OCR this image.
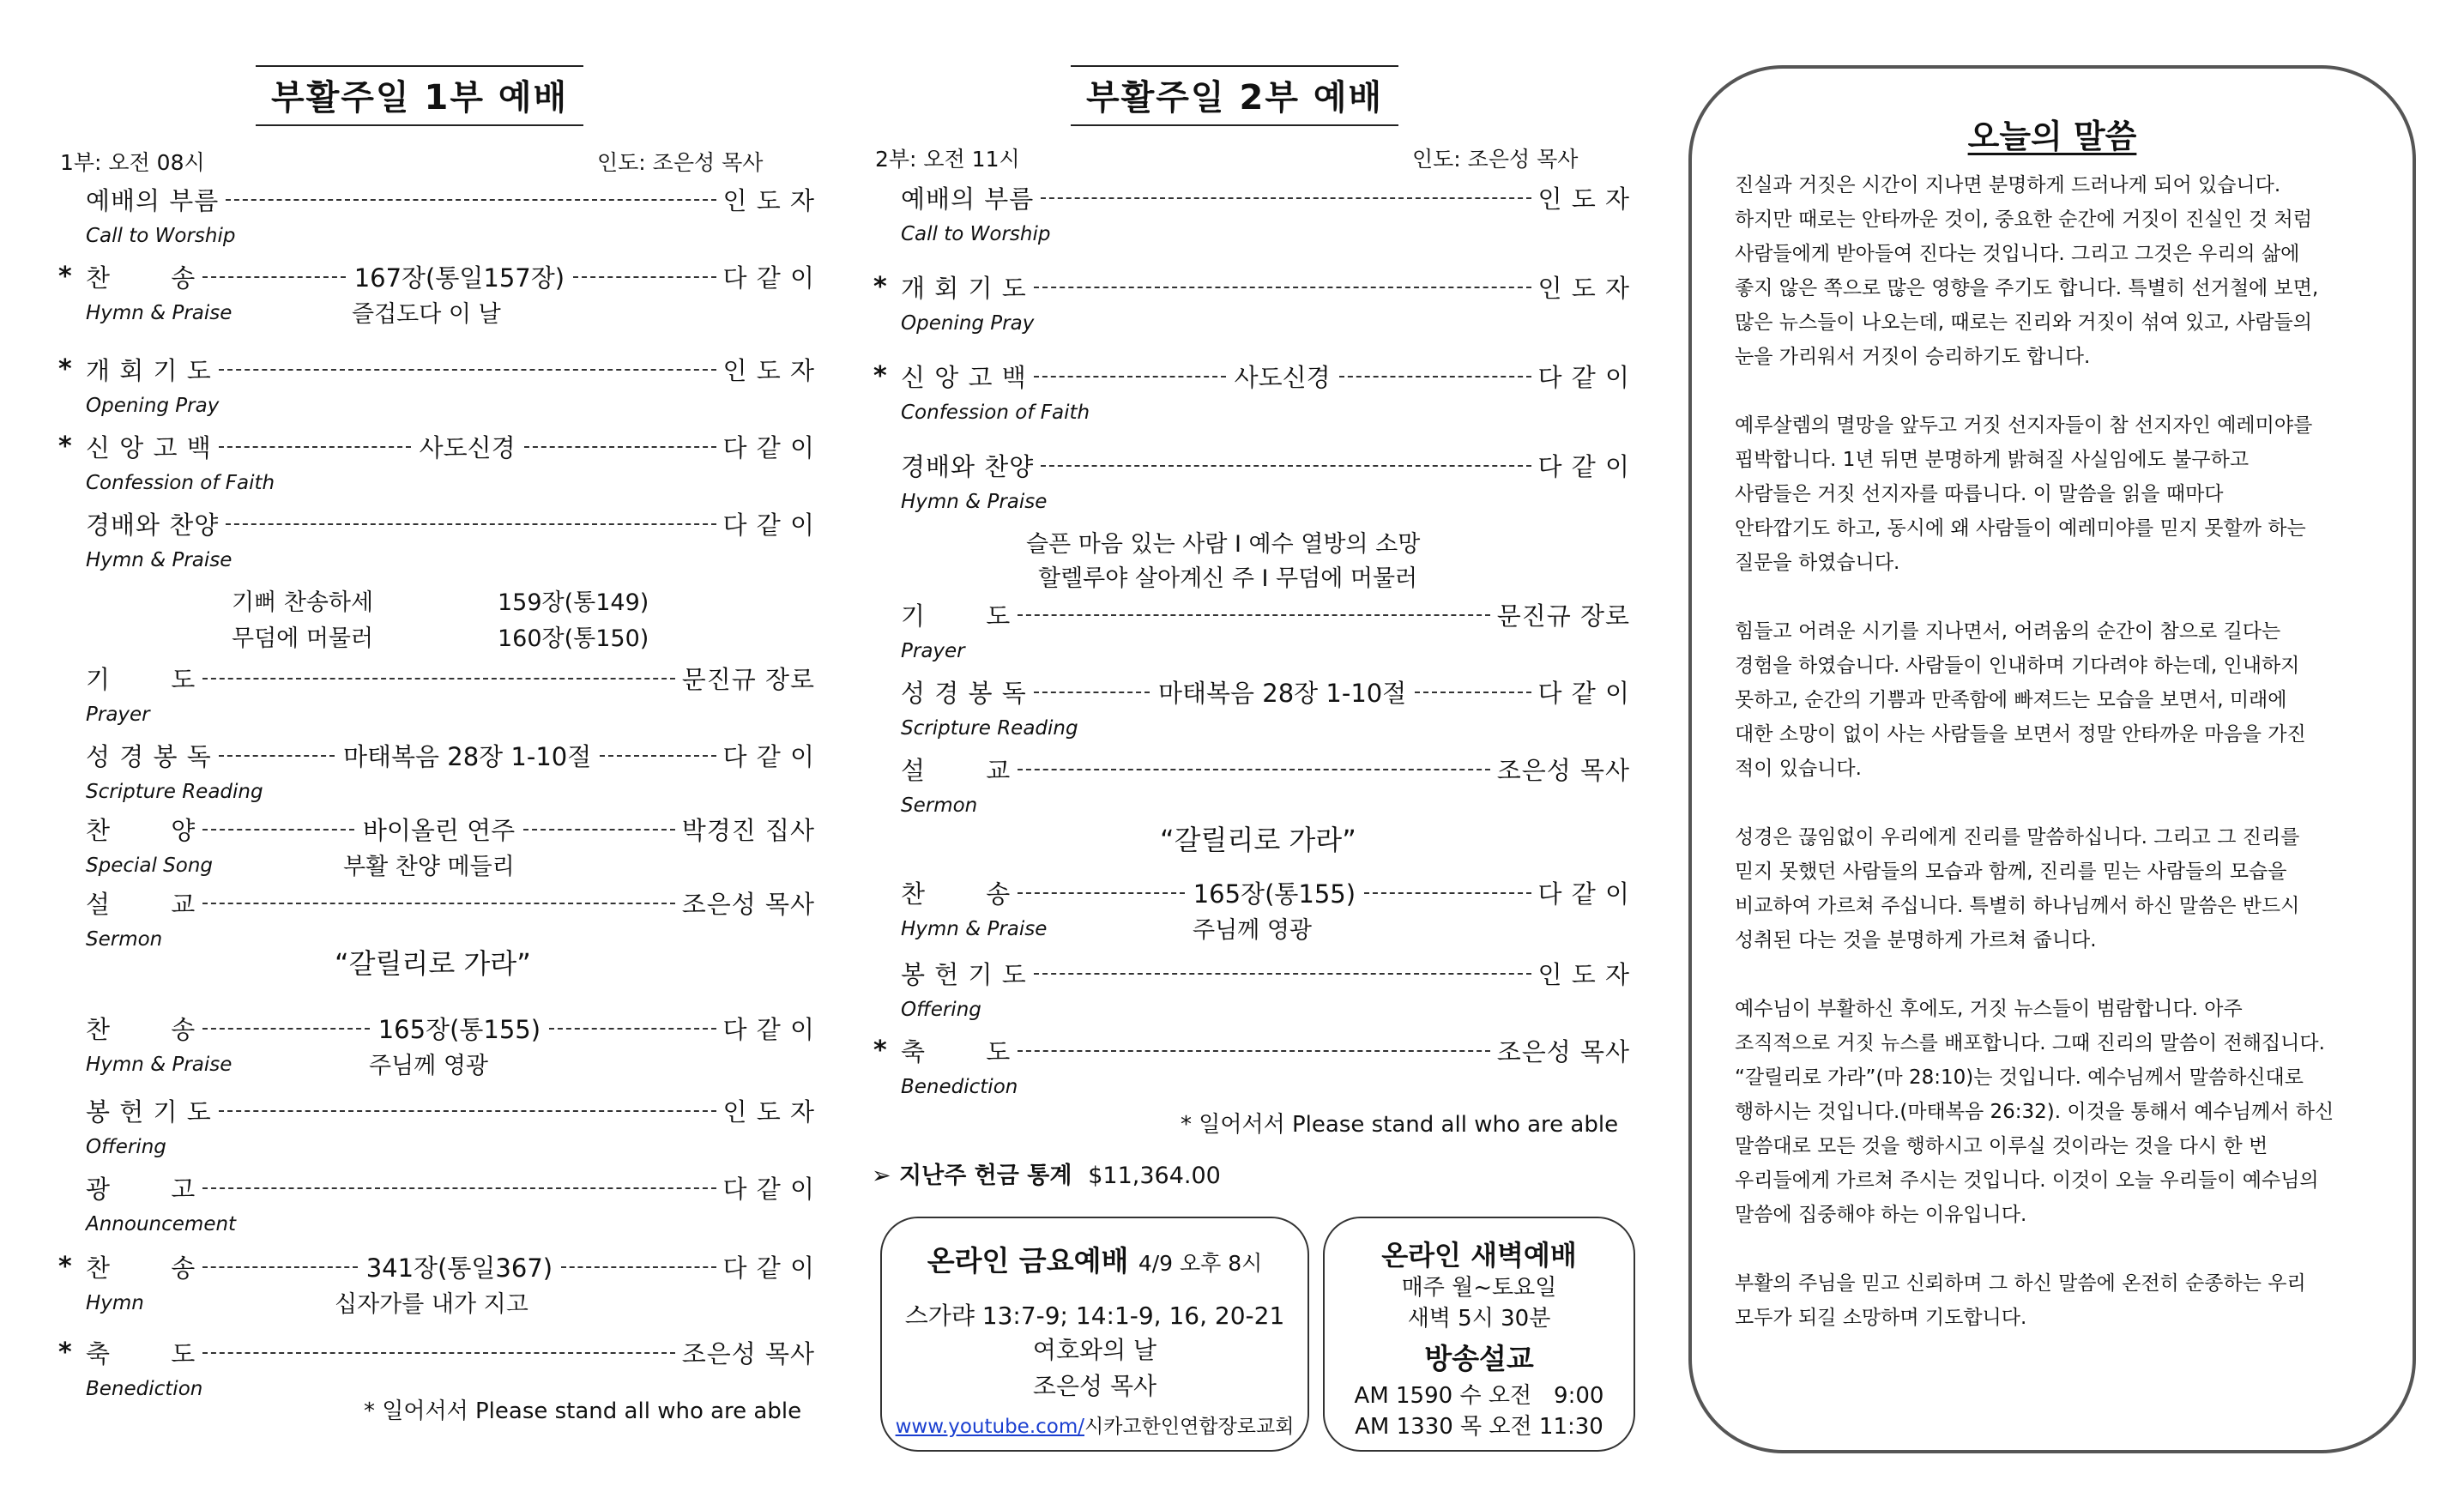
부활주일 1부 예배
1부: 오전 08시	인도: 조은성 목사
예배의 부름	인 도 자
Call to Worship
* 찬　　 송	167장(통일157장)	다 같 이
Hymn & Praise	즐겁도다 이 날
* 개 회 기 도	인 도 자
Opening Pray
* 신 앙 고 백	사도신경	다 같 이
Confession of Faith
경배와 찬양	다 같 이
Hymn & Praise
기　　 도	문진규 장로
Prayer
성 경 봉 독	마태복음 28장 1-10절	다 같 이
Scripture Reading
찬　　 양	바이올린 연주	박경진 집사
Special Song	부활 찬양 메들리
설　　 교	조은성 목사
Sermon
찬　　 송	165장(통155)	다 같 이
Hymn & Praise	주님께 영광
봉 헌 기 도	인 도 자
Offering
광　　 고	다 같 이
Announcement
* 찬　　 송	341장(통일367)	다 같 이
Hymn	십자가를 내가 지고
* 축　　 도	조은성 목사
Benediction
기뻐 찬송하세	159장(통149)
무덤에 머물러	160장(통150)
“갈릴리로 가라”
* 일어서서 Please stand all who are able
부활주일 2부 예배
2부: 오전 11시	인도: 조은성 목사
예배의 부름	인 도 자
Call to Worship
* 개 회 기 도	인 도 자
Opening Pray
* 신 앙 고 백	사도신경	다 같 이
Confession of Faith
경배와 찬양	다 같 이
Hymn & Praise
기　　 도	문진규 장로
Prayer
성 경 봉 독	마태복음 28장 1-10절	다 같 이
Scripture Reading
설　　 교	조은성 목사
Sermon
찬　　 송	165장(통155)	다 같 이
Hymn & Praise	주님께 영광
봉 헌 기 도	인 도 자
Offering
* 축　　 도	조은성 목사
Benediction
슬픈 마음 있는 사람 I 예수 열방의 소망
할렐루야 살아계신 주 I 무덤에 머물러
“갈릴리로 가라”
* 일어서서 Please stand all who are able
➢ 지난주 헌금 통계 $11,364.00
온라인 금요예배 4/9 오후 8시
스가랴 13:7-9; 14:1-9, 16, 20-21
여호와의 날
조은성 목사
www.youtube.com/시카고한인연합장로교회
온라인 새벽예배
매주 월~토요일
새벽 5시 30분
방송설교
AM 1590 수 오전　9:00
AM 1330 목 오전 11:30
오늘의 말씀

진실과 거짓은 시간이 지나면 분명하게 드러나게 되어 있습니다.
하지만 때로는 안타까운 것이, 중요한 순간에 거짓이 진실인 것 처럼
사람들에게 받아들여 진다는 것입니다. 그리고 그것은 우리의 삶에
좋지 않은 쪽으로 많은 영향을 주기도 합니다. 특별히 선거철에 보면,
많은 뉴스들이 나오는데, 때로는 진리와 거짓이 섞여 있고, 사람들의
눈을 가리워서 거짓이 승리하기도 합니다.

예루살렘의 멸망을 앞두고 거짓 선지자들이 참 선지자인 예레미야를
핍박합니다. 1년 뒤면 분명하게 밝혀질 사실임에도 불구하고
사람들은 거짓 선지자를 따릅니다. 이 말씀을 읽을 때마다
안타깝기도 하고, 동시에 왜 사람들이 예레미야를 믿지 못할까 하는
질문을 하였습니다.

힘들고 어려운 시기를 지나면서, 어려움의 순간이 참으로 길다는
경험을 하였습니다. 사람들이 인내하며 기다려야 하는데, 인내하지
못하고, 순간의 기쁨과 만족함에 빠져드는 모습을 보면서, 미래에
대한 소망이 없이 사는 사람들을 보면서 정말 안타까운 마음을 가진
적이 있습니다.

성경은 끊임없이 우리에게 진리를 말씀하십니다. 그리고 그 진리를
믿지 못했던 사람들의 모습과 함께, 진리를 믿는 사람들의 모습을
비교하여 가르쳐 주십니다. 특별히 하나님께서 하신 말씀은 반드시
성취된 다는 것을 분명하게 가르쳐 줍니다.

예수님이 부활하신 후에도, 거짓 뉴스들이 범람합니다. 아주
조직적으로 거짓 뉴스를 배포합니다. 그때 진리의 말씀이 전해집니다.
“갈릴리로 가라”(마 28:10)는 것입니다. 예수님께서 말씀하신대로
행하시는 것입니다.(마태복음 26:32). 이것을 통해서 예수님께서 하신
말씀대로 모든 것을 행하시고 이루실 것이라는 것을 다시 한 번
우리들에게 가르쳐 주시는 것입니다. 이것이 오늘 우리들이 예수님의
말씀에 집중해야 하는 이유입니다.

부활의 주님을 믿고 신뢰하며 그 하신 말씀에 온전히 순종하는 우리
모두가 되길 소망하며 기도합니다.
